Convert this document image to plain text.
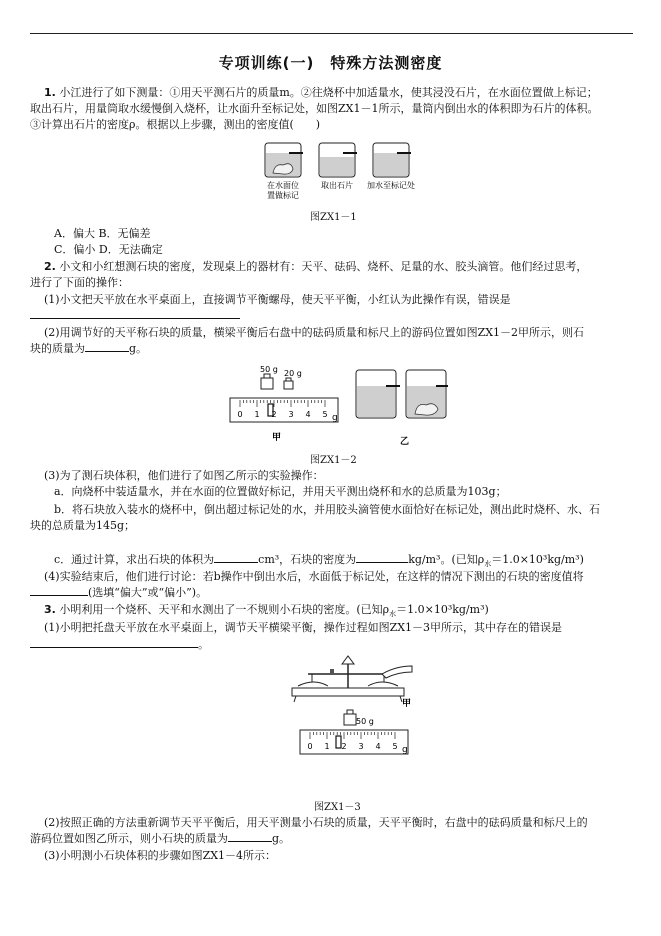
专项训练(一)　特殊方法测密度
1. 小江进行了如下测量：①用天平测石片的质量m。②往烧杯中加适量水，使其浸没石片，在水面位置做上标记；
取出石片，用量筒取水缓慢倒入烧杯，让水面升至标记处，如图ZX1－1所示，量筒内倒出水的体积即为石片的体积。
③计算出石片的密度ρ。根据以上步骤，测出的密度值(　　)
在水面位
置做标记
取出石片 加水至标记处
图ZX1－1
A．偏大 B．无偏差
C．偏小 D．无法确定
2. 小文和小红想测石块的密度，发现桌上的器材有：天平、砝码、烧杯、足量的水、胶头滴管。他们经过思考，
进行了下面的操作：
(1)小文把天平放在水平桌面上，直接调节平衡螺母，使天平平衡，小红认为此操作有误，错误是
(2)用调节好的天平称石块的质量，横梁平衡后右盘中的砝码质量和标尺上的游码位置如图ZX1－2甲所示，则石
块的质量为	g。
50 g 20 g
0 1 2 3 4 5 g
甲	乙
图ZX1－2
(3)为了测石块体积，他们进行了如图乙所示的实验操作：
a．向烧杯中装适量水，并在水面的位置做好标记，并用天平测出烧杯和水的总质量为103g；
b．将石块放入装水的烧杯中，倒出超过标记处的水，并用胶头滴管使水面恰好在标记处，测出此时烧杯、水、石
块的总质量为145g；
c．通过计算，求出石块的体积为	cm³，石块的密度为	kg/m³。(已知$\rho_水=1.0\times 10^3kg/m^3$)
(4)实验结束后，他们进行讨论：若b操作中倒出水后，水面低于标记处，在这样的情况下测出的石块的密度值将
(选填“偏大”或“偏小”)。
3. 小明利用一个烧杯、天平和水测出了一不规则小石块的密度。(已知$\rho_水=1.0\times 10^3kg/m^3$)
(1)小明把托盘天平放在水平桌面上，调节天平横梁平衡，操作过程如图ZX1－3甲所示，其中存在的错误是
。
甲
50 g
0 1 2 3 4 5 g
图ZX1－3
(2)按照正确的方法重新调节天平平衡后，用天平测量小石块的质量，天平平衡时，右盘中的砝码质量和标尺上的
游码位置如图乙所示，则小石块的质量为	g。
(3)小明测小石块体积的步骤如图ZX1－4所示：
